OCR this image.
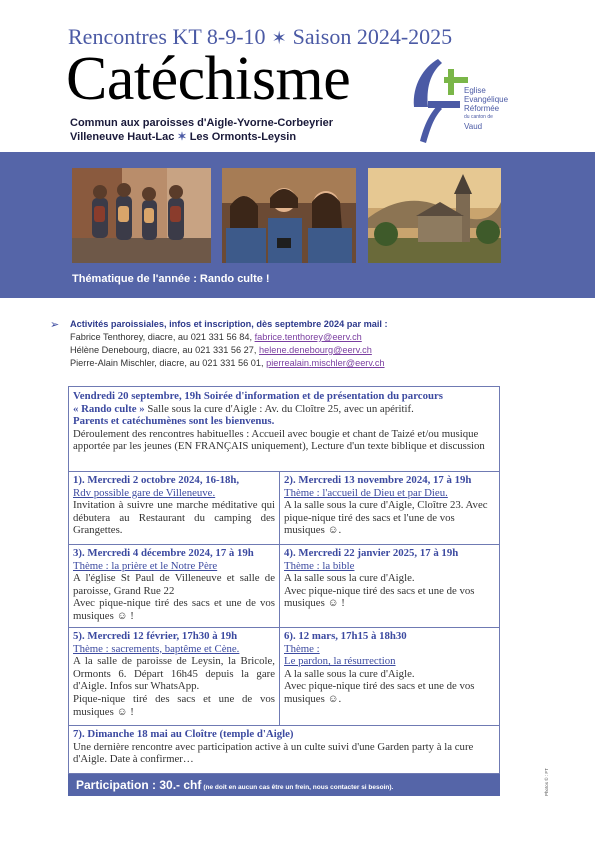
Rencontres KT 8-9-10 ✶ Saison 2024-2025
Catéchisme
Commun aux paroisses d'Aigle-Yvorne-Corbeyrier
Villeneuve Haut-Lac ✶ Les Ormonts-Leysin
Eglise
Evangélique
Réformée
du canton de
Vaud
Thématique de l'année : Rando culte !
➢ Activités paroissiales, infos et inscription, dès septembre 2024 par mail :
Fabrice Tenthorey, diacre, au 021 331 56 84, fabrice.tenthorey@eerv.ch
Hélène Denebourg, diacre, au 021 331 56 27, helene.denebourg@eerv.ch
Pierre-Alain Mischler, diacre, au 021 331 56 01, pierrealain.mischler@eerv.ch
Vendredi 20 septembre, 19h Soirée d'information et de présentation du parcours
« Rando culte » Salle sous la cure d'Aigle : Av. du Cloître 25, avec un apéritif.
Parents et catéchumènes sont les bienvenus.
Déroulement des rencontres habituelles : Accueil avec bougie et chant de Taizé et/ou musique apportée par les jeunes (EN FRANÇAIS uniquement), Lecture d'un texte biblique et discussion
1). Mercredi 2 octobre 2024, 16-18h,
Rdv possible gare de Villeneuve.
Invitation à suivre une marche méditative qui débutera au Restaurant du camping des Grangettes.
2). Mercredi 13 novembre 2024, 17 à 19h
Thème : l'accueil de Dieu et par Dieu.
A la salle sous la cure d'Aigle, Cloître 23. Avec pique-nique tiré des sacs et l'une de vos musiques ☺.
3). Mercredi 4 décembre 2024, 17 à 19h
Thème : la prière et le Notre Père
A l'église St Paul de Villeneuve et salle de paroisse, Grand Rue 22
Avec pique-nique tiré des sacs et une de vos musiques ☺ !
4). Mercredi 22 janvier 2025, 17 à 19h
Thème : la bible
A la salle sous la cure d'Aigle.
Avec pique-nique tiré des sacs et une de vos musiques ☺ !
5). Mercredi 12 février, 17h30 à 19h
Thème : sacrements, baptême et Cène.
A la salle de paroisse de Leysin, la Bricole, Ormonts 6. Départ 16h45 depuis la gare d'Aigle. Infos sur WhatsApp.
Pique-nique tiré des sacs et une de vos musiques ☺ !
6). 12 mars, 17h15 à 18h30
Thème :
Le pardon, la résurrection
A la salle sous la cure d'Aigle.
Avec pique-nique tiré des sacs et une de vos musiques ☺.
7). Dimanche 18 mai au Cloître (temple d'Aigle)
Une dernière rencontre avec participation active à un culte suivi d'une Garden party à la cure d'Aigle. Date à confirmer…
Participation : 30.- chf (ne doit en aucun cas être un frein, nous contacter si besoin).	Photos © : FT
